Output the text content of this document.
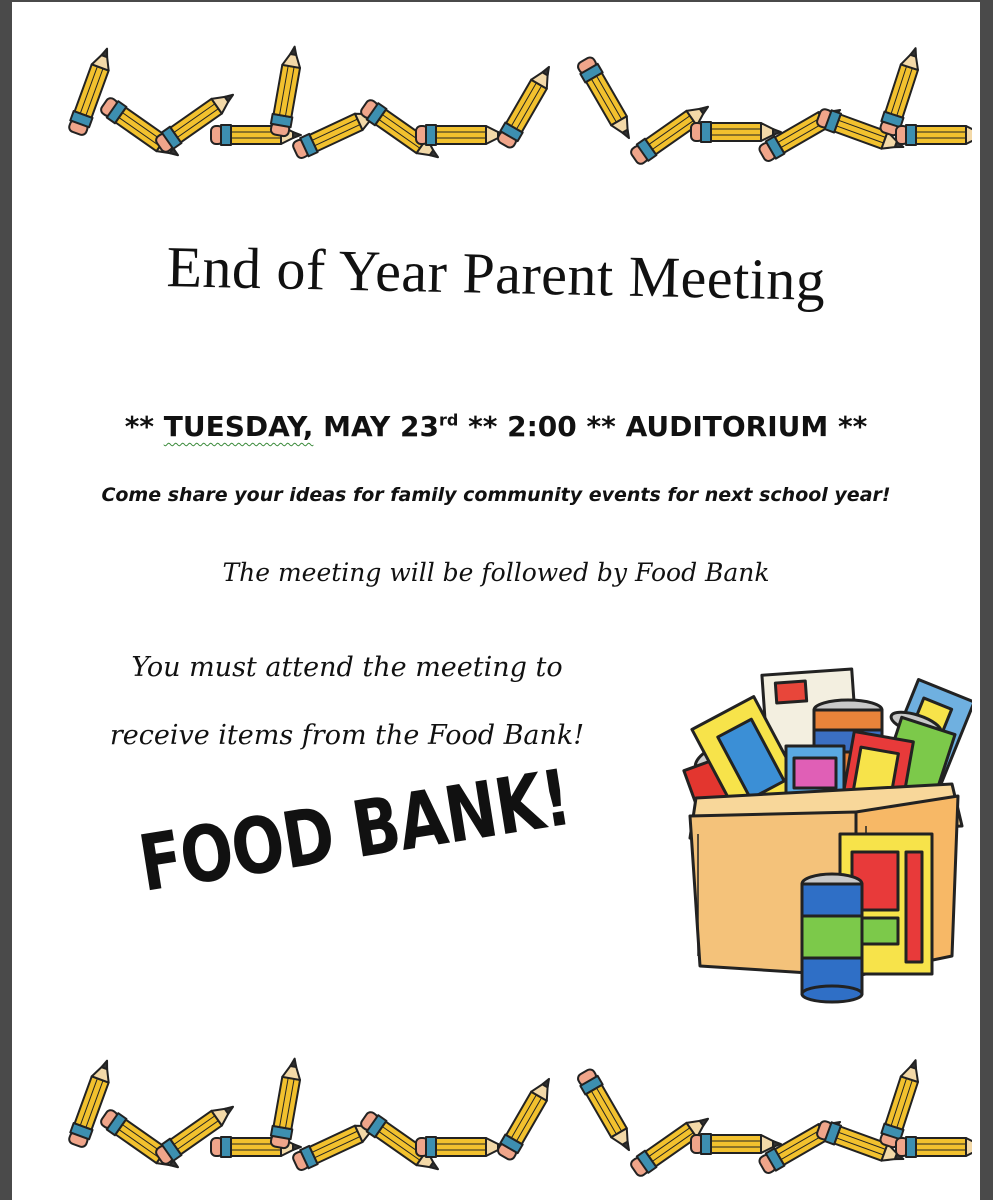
End of Year Parent Meeting
** TUESDAY, MAY 23rd ** 2:00 ** AUDITORIUM **
Come share your ideas for family community events for next school year!
The meeting will be followed by Food Bank
You must attend the meeting to
receive items from the Food Bank!
FOOD BANK!
